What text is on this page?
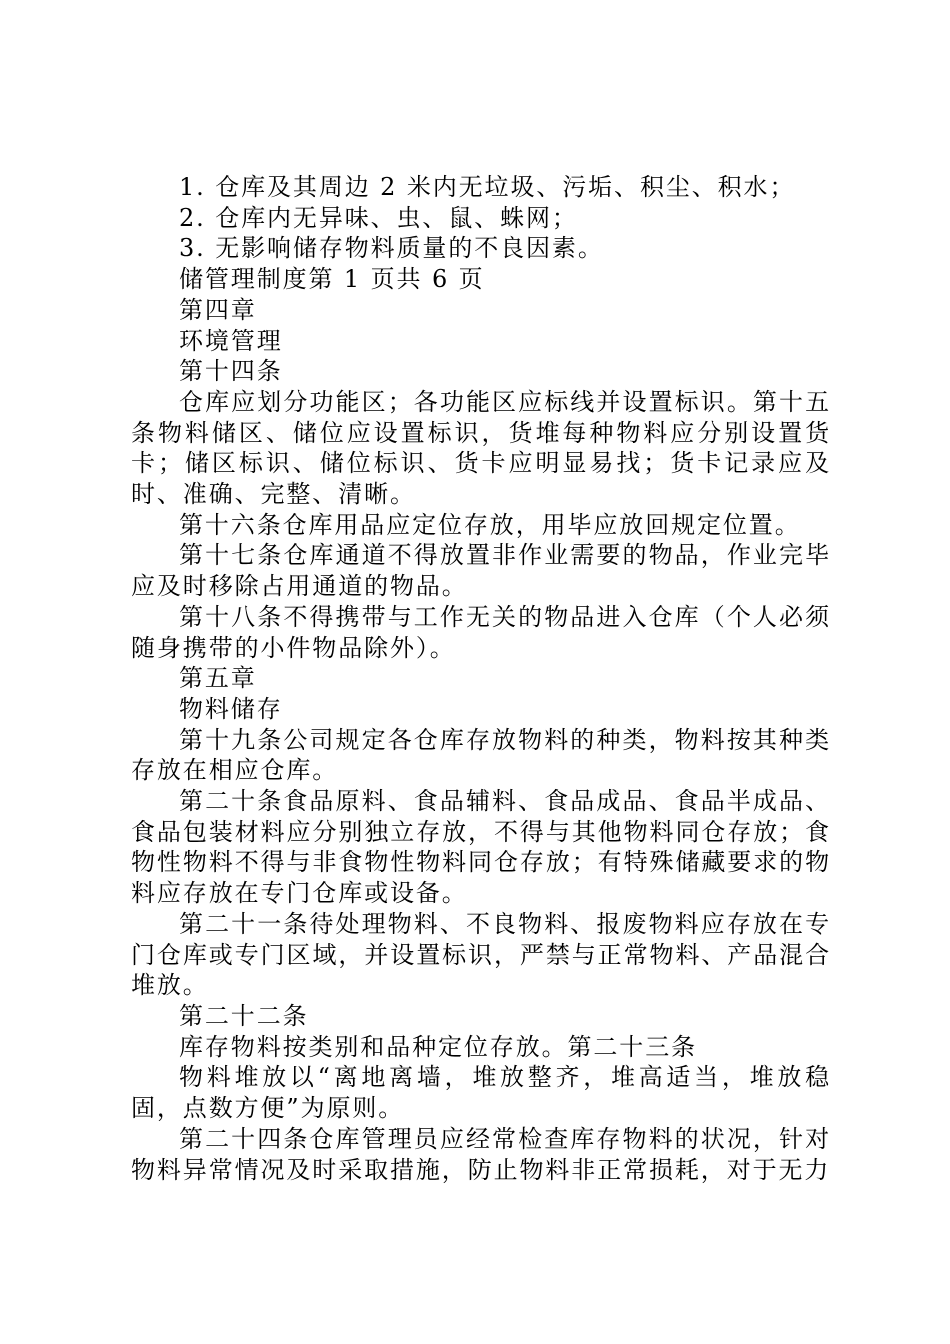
1. 仓库及其周边 2 米内无垃圾、污垢、积尘、积水；

2. 仓库内无异味、虫、鼠、蛛网；

3. 无影响储存物料质量的不良因素。

储管理制度第 1 页共 6 页

第四章

环境管理

第十四条

仓库应划分功能区；各功能区应标线并设置标识。第十五条物料储区、储位应设置标识，货堆每种物料应分别设置货卡；储区标识、储位标识、货卡应明显易找；货卡记录应及时、准确、完整、清晰。

第十六条仓库用品应定位存放，用毕应放回规定位置。

第十七条仓库通道不得放置非作业需要的物品，作业完毕应及时移除占用通道的物品。

第十八条不得携带与工作无关的物品进入仓库（个人必须随身携带的小件物品除外）。

第五章

物料储存

第十九条公司规定各仓库存放物料的种类，物料按其种类存放在相应仓库。

第二十条食品原料、食品辅料、食品成品、食品半成品、食品包装材料应分别独立存放，不得与其他物料同仓存放；食物性物料不得与非食物性物料同仓存放；有特殊储藏要求的物料应存放在专门仓库或设备。

第二十一条待处理物料、不良物料、报废物料应存放在专门仓库或专门区域，并设置标识，严禁与正常物料、产品混合堆放。

第二十二条

库存物料按类别和品种定位存放。第二十三条

物料堆放以“离地离墙，堆放整齐，堆高适当，堆放稳固，点数方便”为原则。

第二十四条仓库管理员应经常检查库存物料的状况，针对物料异常情况及时采取措施，防止物料非正常损耗，对于无力
